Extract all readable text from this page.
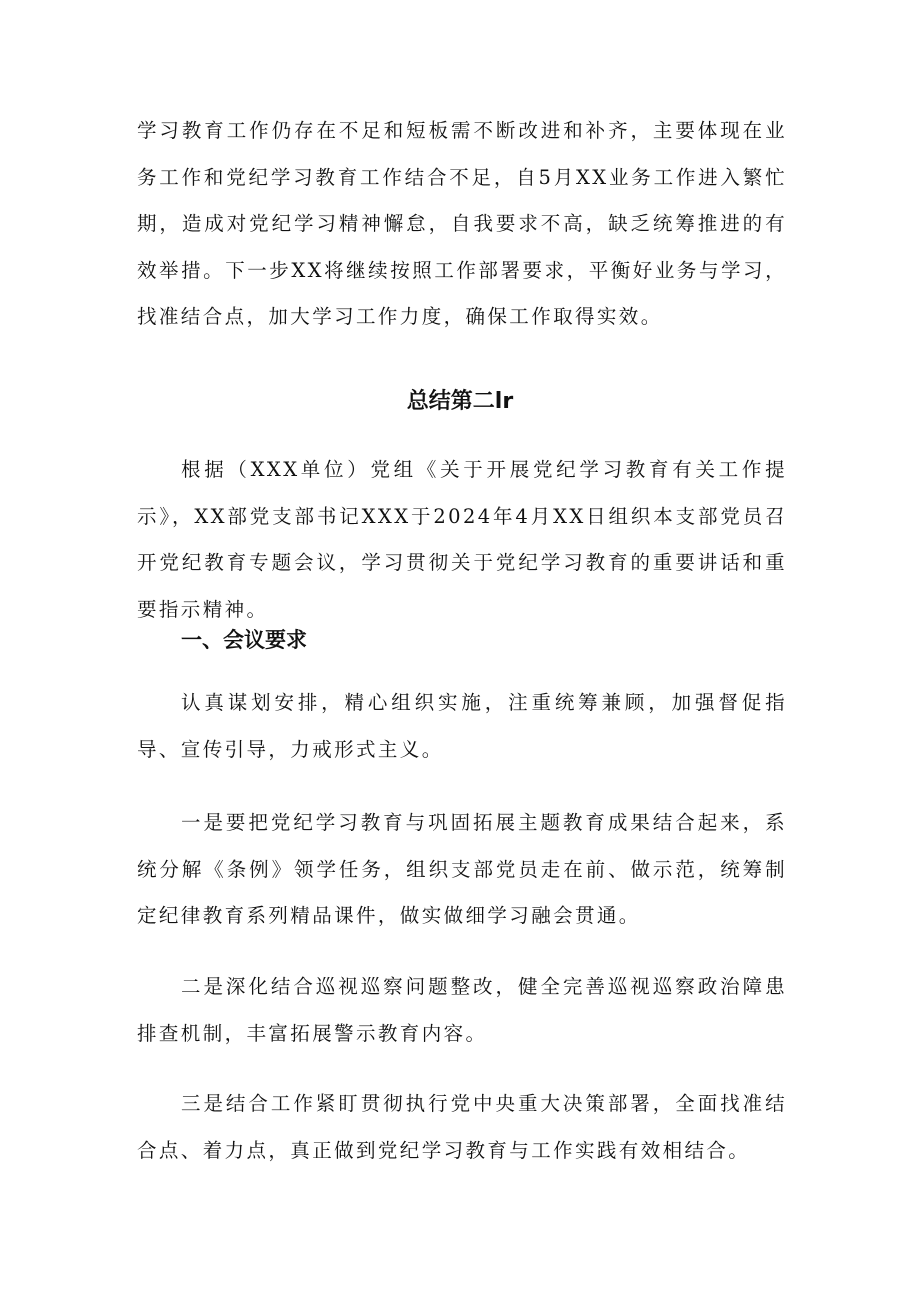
学习教育工作仍存在不足和短板需不断改进和补齐，主要体现在业务工作和党纪学习教育工作结合不足，自5月XX业务工作进入繁忙期，造成对党纪学习精神懈怠，自我要求不高，缺乏统筹推进的有效举措。下一步XX将继续按照工作部署要求，平衡好业务与学习，找准结合点，加大学习工作力度，确保工作取得实效。

总结第二lr

根据（XXX单位）党组《关于开展党纪学习教育有关工作提示》，XX部党支部书记XXX于2024年4月XX日组织本支部党员召开党纪教育专题会议，学习贯彻关于党纪学习教育的重要讲话和重要指示精神。

一、会议要求

认真谋划安排，精心组织实施，注重统筹兼顾，加强督促指导、宣传引导，力戒形式主义。

一是要把党纪学习教育与巩固拓展主题教育成果结合起来，系统分解《条例》领学任务，组织支部党员走在前、做示范，统筹制定纪律教育系列精品课件，做实做细学习融会贯通。

二是深化结合巡视巡察问题整改，健全完善巡视巡察政治障患排查机制，丰富拓展警示教育内容。

三是结合工作紧盯贯彻执行党中央重大决策部署，全面找准结合点、着力点，真正做到党纪学习教育与工作实践有效相结合。
